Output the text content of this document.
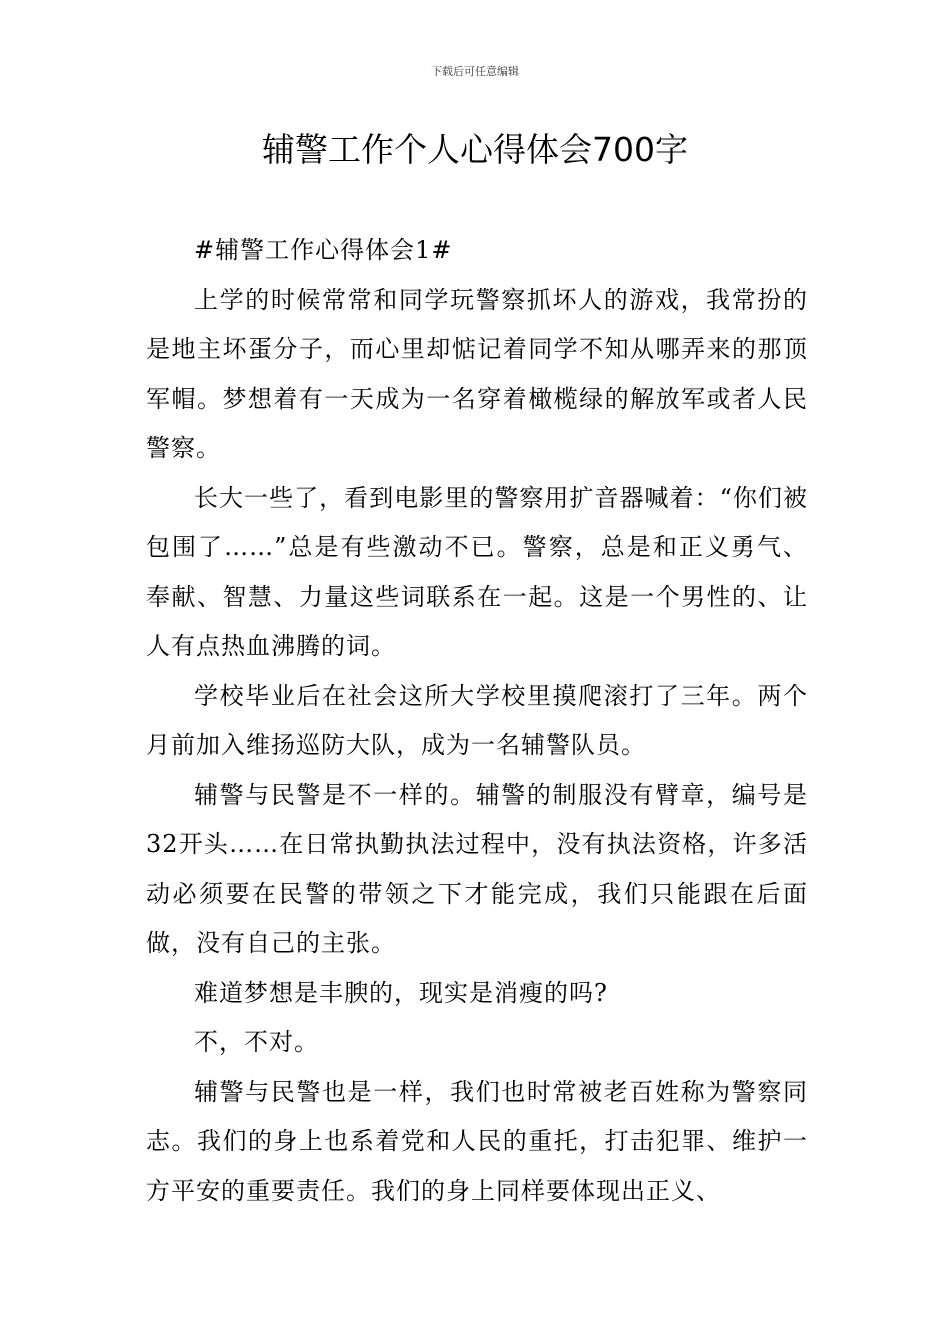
下载后可任意编辑
辅警工作个人心得体会700字

#辅警工作心得体会1#

上学的时候常常和同学玩警察抓坏人的游戏，我常扮的是地主坏蛋分子，而心里却惦记着同学不知从哪弄来的那顶军帽。梦想着有一天成为一名穿着橄榄绿的解放军或者人民警察。

长大一些了，看到电影里的警察用扩音器喊着：“你们被包围了……”总是有些激动不已。警察，总是和正义勇气、奉献、智慧、力量这些词联系在一起。这是一个男性的、让人有点热血沸腾的词。

学校毕业后在社会这所大学校里摸爬滚打了三年。两个月前加入维扬巡防大队，成为一名辅警队员。

辅警与民警是不一样的。辅警的制服没有臂章，编号是32开头……在日常执勤执法过程中，没有执法资格，许多活动必须要在民警的带领之下才能完成，我们只能跟在后面做，没有自己的主张。

难道梦想是丰腴的，现实是消瘦的吗?

不，不对。

辅警与民警也是一样，我们也时常被老百姓称为警察同志。我们的身上也系着党和人民的重托，打击犯罪、维护一方平安的重要责任。我们的身上同样要体现出正义、
